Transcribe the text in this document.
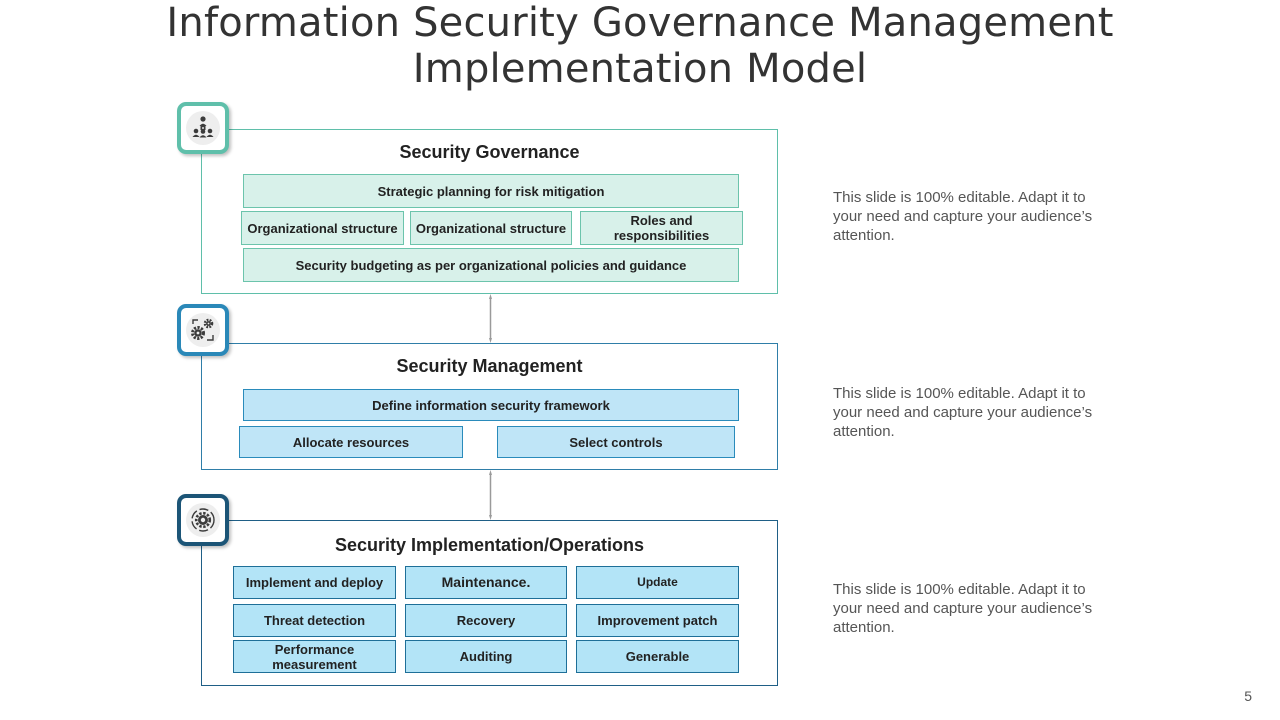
Information Security Governance Management
Implementation Model
Security Governance
Strategic planning for risk mitigation
Organizational structure	Organizational structure	Roles and responsibilities
Security budgeting as per organizational policies and guidance
Security Management
Define information security framework
Allocate resources	Select controls
Security Implementation/Operations
Implement and deploy	Maintenance.	Update
Threat detection	Recovery	Improvement patch
Performance measurement	Auditing	Generable
This slide is 100% editable. Adapt it to your need and capture your audience’s attention.
This slide is 100% editable. Adapt it to your need and capture your audience’s attention.
This slide is 100% editable. Adapt it to your need and capture your audience’s attention.
5
